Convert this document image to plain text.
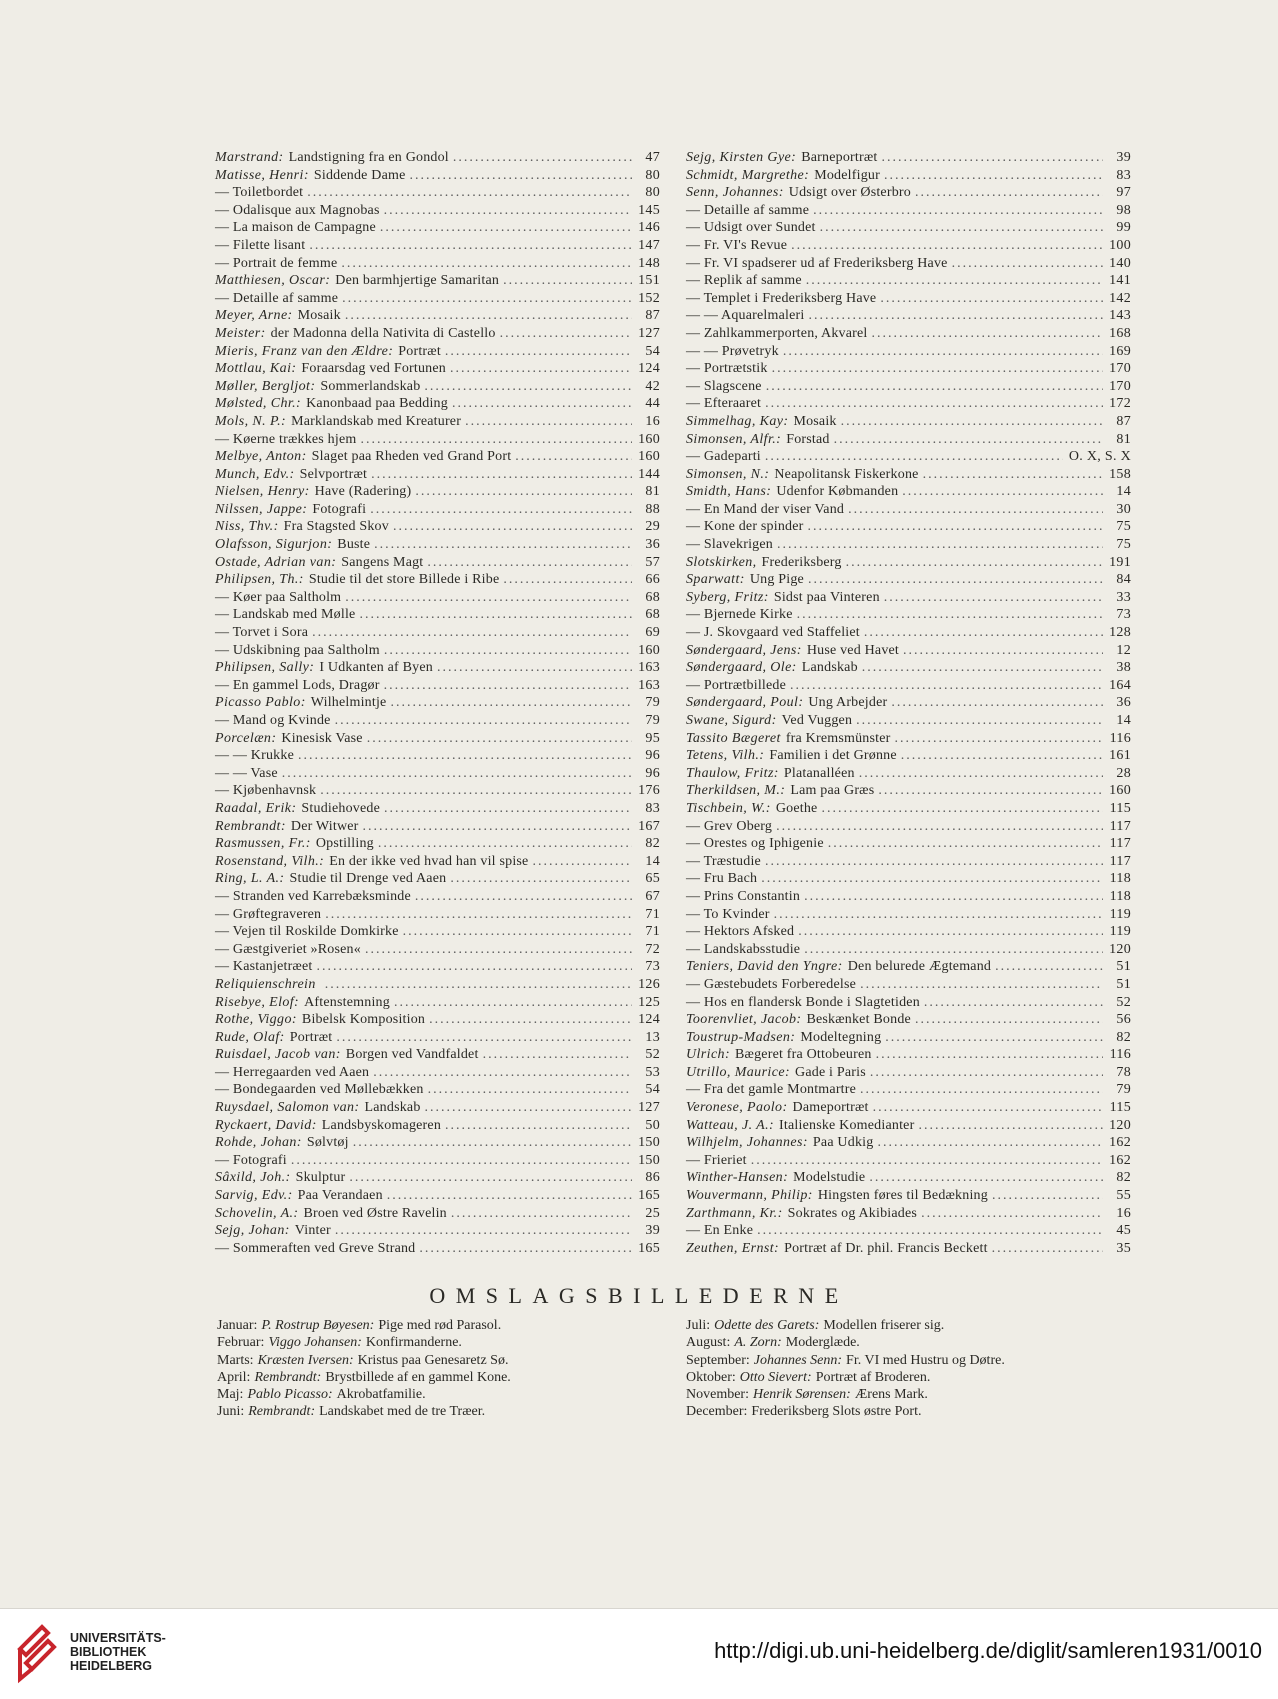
Marstrand: Landstigning fra en Gondol .....	47
Matisse, Henri: Siddende Dame .....	80
— Toiletbordet .....	80
— Odalisque aux Magnobas .....	145
— La maison de Campagne .....	146
— Filette lisant .....	147
— Portrait de femme .....	148
Matthiesen, Oscar: Den barmhjertige Samaritan .....	151
— Detaille af samme .....	152
Meyer, Arne: Mosaik .....	87
Meister: der Madonna della Nativita di Castello .....	127
Mieris, Franz van den Ældre: Portræt .....	54
Mottlau, Kai: Foraarsdag ved Fortunen .....	124
Møller, Bergljot: Sommerlandskab .....	42
Mølsted, Chr.: Kanonbaad paa Bedding .....	44
Mols, N. P.: Marklandskab med Kreaturer .....	16
— Køerne trækkes hjem .....	160
Melbye, Anton: Slaget paa Rheden ved Grand Port .....	160
Munch, Edv.: Selvportræt .....	144
Nielsen, Henry: Have (Radering) .....	81
Nilssen, Jappe: Fotografi .....	88
Niss, Thv.: Fra Stagsted Skov .....	29
Olafsson, Sigurjon: Buste .....	36
Ostade, Adrian van: Sangens Magt .....	57
Philipsen, Th.: Studie til det store Billede i Ribe .....	66
— Køer paa Saltholm .....	68
— Landskab med Mølle .....	68
— Torvet i Sora .....	69
— Udskibning paa Saltholm .....	160
Philipsen, Sally: I Udkanten af Byen .....	163
— En gammel Lods, Dragør .....	163
Picasso Pablo: Wilhelmintje .....	79
— Mand og Kvinde .....	79
Porcelæn: Kinesisk Vase .....	95
— — Krukke .....	96
— — Vase .....	96
— Kjøbenhavnsk .....	176
Raadal, Erik: Studiehovede .....	83
Rembrandt: Der Witwer .....	167
Rasmussen, Fr.: Opstilling .....	82
Rosenstand, Vilh.: En der ikke ved hvad han vil spise .....	14
Ring, L. A.: Studie til Drenge ved Aaen .....	65
— Stranden ved Karrebæksminde .....	67
— Grøftegraveren .....	71
— Vejen til Roskilde Domkirke .....	71
— Gæstgiveriet »Rosen« .....	72
— Kastanjetræet .....	73
Reliquienschrein .....	126
Risebye, Elof: Aftenstemning .....	125
Rothe, Viggo: Bibelsk Komposition .....	124
Rude, Olaf: Portræt .....	13
Ruisdael, Jacob van: Borgen ved Vandfaldet .....	52
— Herregaarden ved Aaen .....	53
— Bondegaarden ved Møllebækken .....	54
Ruysdael, Salomon van: Landskab .....	127
Ryckaert, David: Landsbyskomageren .....	50
Rohde, Johan: Sølvtøj .....	150
— Fotografi .....	150
Sâxild, Joh.: Skulptur .....	86
Sarvig, Edv.: Paa Verandaen .....	165
Schovelin, A.: Broen ved Østre Ravelin .....	25
Sejg, Johan: Vinter .....	39
— Sommeraften ved Greve Strand .....	165
Sejg, Kirsten Gye: Barneportræt .....	39
Schmidt, Margrethe: Modelfigur .....	83
Senn, Johannes: Udsigt over Østerbro .....	97
— Detaille af samme .....	98
— Udsigt over Sundet .....	99
— Fr. VI's Revue .....	100
— Fr. VI spadserer ud af Frederiksberg Have .....	140
— Replik af samme .....	141
— Templet i Frederiksberg Have .....	142
— — Aquarelmaleri .....	143
— Zahlkammerporten, Akvarel .....	168
— — Prøvetryk .....	169
— Portrætstik .....	170
— Slagscene .....	170
— Efteraaret .....	172
Simmelhag, Kay: Mosaik .....	87
Simonsen, Alfr.: Forstad .....	81
— Gadeparti .....	O. X, S. X
Simonsen, N.: Neapolitansk Fiskerkone .....	158
Smidth, Hans: Udenfor Købmanden .....	14
— En Mand der viser Vand .....	30
— Kone der spinder .....	75
— Slavekrigen .....	75
Slotskirken, Frederiksberg .....	191
Sparwatt: Ung Pige .....	84
Syberg, Fritz: Sidst paa Vinteren .....	33
— Bjernede Kirke .....	73
— J. Skovgaard ved Staffeliet .....	128
Søndergaard, Jens: Huse ved Havet .....	12
Søndergaard, Ole: Landskab .....	38
— Portrætbillede .....	164
Søndergaard, Poul: Ung Arbejder .....	36
Swane, Sigurd: Ved Vuggen .....	14
Tassito Bægeret fra Kremsmünster .....	116
Tetens, Vilh.: Familien i det Grønne .....	161
Thaulow, Fritz: Platanalléen .....	28
Therkildsen, M.: Lam paa Græs .....	160
Tischbein, W.: Goethe .....	115
— Grev Oberg .....	117
— Orestes og Iphigenie .....	117
— Træstudie .....	117
— Fru Bach .....	118
— Prins Constantin .....	118
— To Kvinder .....	119
— Hektors Afsked .....	119
— Landskabsstudie .....	120
Teniers, David den Yngre: Den belurede Ægtemand .....	51
— Gæstebudets Forberedelse .....	51
— Hos en flandersk Bonde i Slagtetiden .....	52
Toorenvliet, Jacob: Beskænket Bonde .....	56
Toustrup-Madsen: Modeltegning .....	82
Ulrich: Bægeret fra Ottobeuren .....	116
Utrillo, Maurice: Gade i Paris .....	78
— Fra det gamle Montmartre .....	79
Veronese, Paolo: Dameportræt .....	115
Watteau, J. A.: Italienske Komedianter .....	120
Wilhjelm, Johannes: Paa Udkig .....	162
— Frieriet .....	162
Winther-Hansen: Modelstudie .....	82
Wouvermann, Philip: Hingsten føres til Bedækning .....	55
Zarthmann, Kr.: Sokrates og Akibiades .....	16
— En Enke .....	45
Zeuthen, Ernst: Portræt af Dr. phil. Francis Beckett .....	35
OMSLAGSBILLEDERNE
Januar: P. Rostrup Bøyesen: Pige med rød Parasol.
Februar: Viggo Johansen: Konfirmanderne.
Marts: Kræsten Iversen: Kristus paa Genesaretz Sø.
April: Rembrandt: Brystbillede af en gammel Kone.
Maj: Pablo Picasso: Akrobatfamilie.
Juni: Rembrandt: Landskabet med de tre Træer.
Juli: Odette des Garets: Modellen friserer sig.
August: A. Zorn: Moderglæde.
September: Johannes Senn: Fr. VI med Hustru og Døtre.
Oktober: Otto Sievert: Portræt af Broderen.
November: Henrik Sørensen: Ærens Mark.
December: Frederiksberg Slots østre Port.
UNIVERSITÄTS-
BIBLIOTHEK
HEIDELBERG
http://digi.ub.uni-heidelberg.de/diglit/samleren1931/0010
